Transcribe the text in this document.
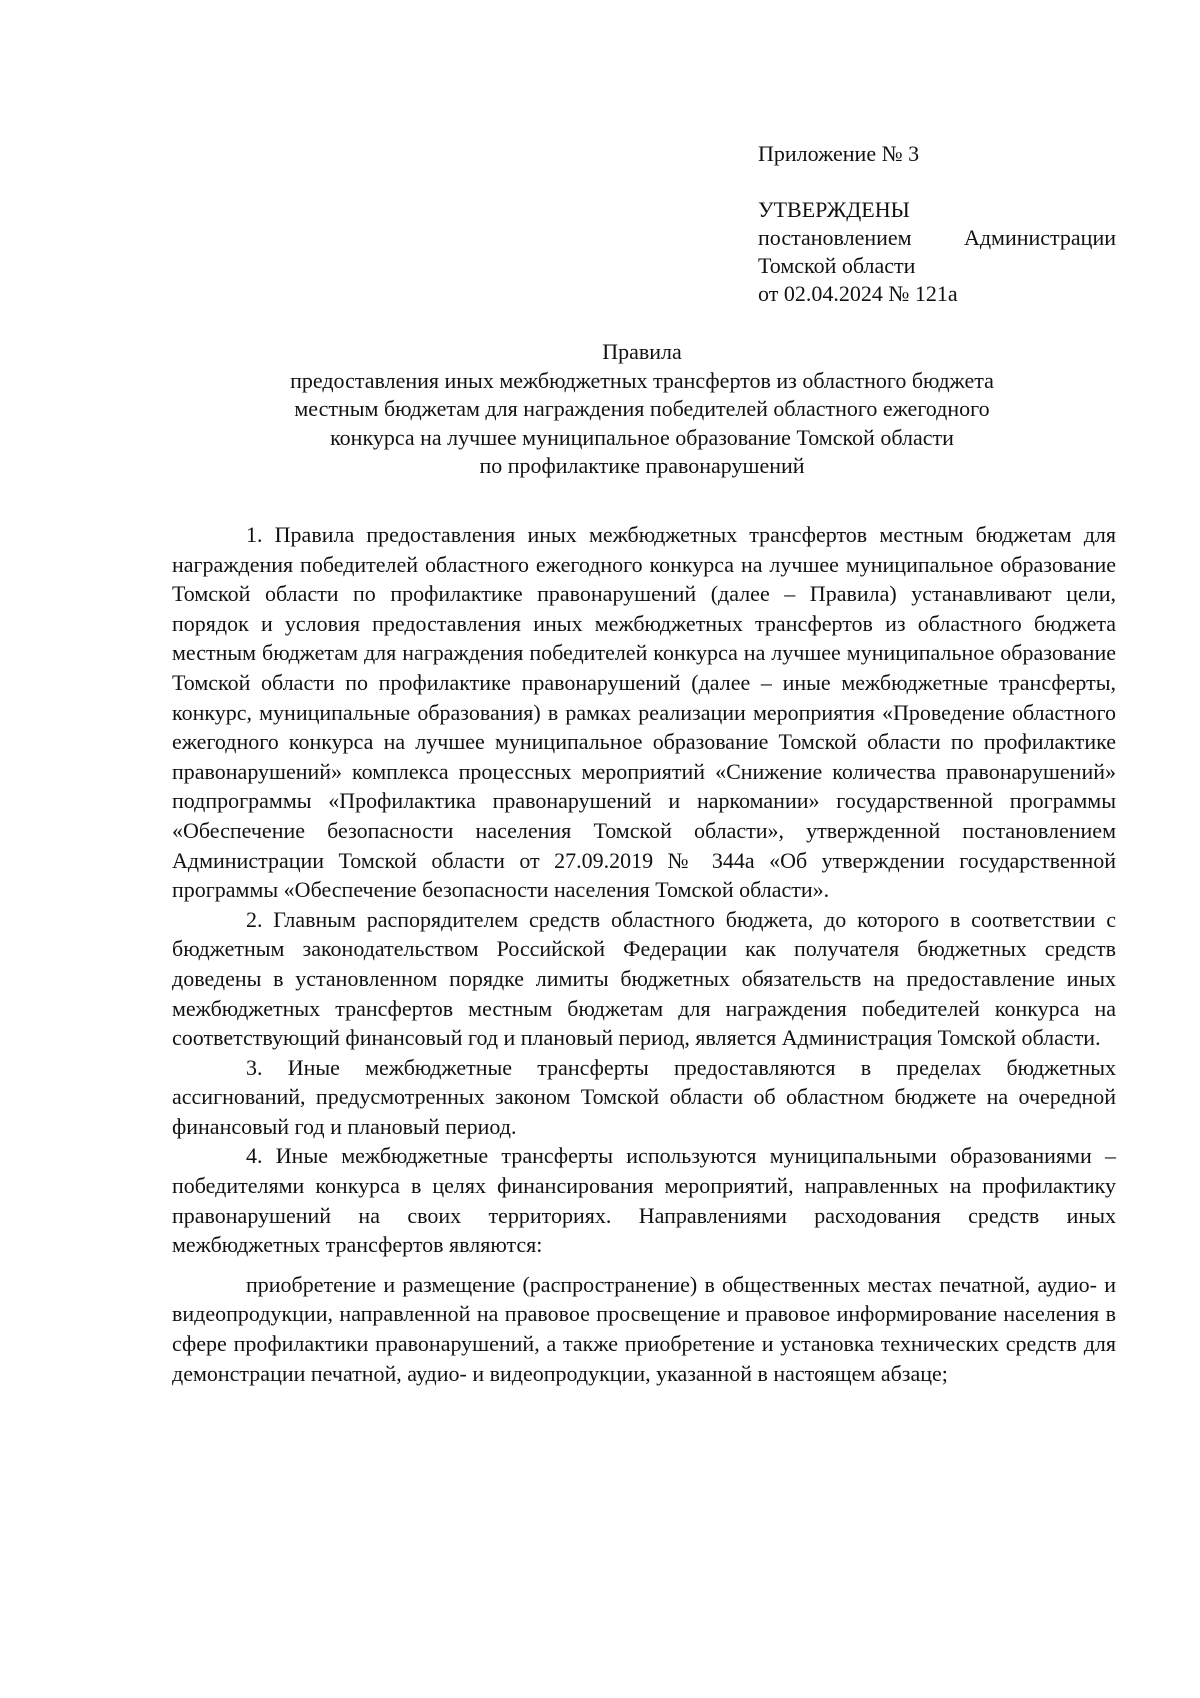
Приложение № 3
УТВЕРЖДЕНЫ
постановлением Администрации
Томской области
от 02.04.2024 № 121а
Правила
предоставления иных межбюджетных трансфертов из областного бюджета
местным бюджетам для награждения победителей областного ежегодного
конкурса на лучшее муниципальное образование Томской области
по профилактике правонарушений

1. Правила предоставления иных межбюджетных трансфертов местным бюджетам для награждения победителей областного ежегодного конкурса на лучшее муниципальное образование Томской области по профилактике правонарушений (далее – Правила) устанавливают цели, порядок и условия предоставления иных межбюджетных трансфертов из областного бюджета местным бюджетам для награждения победителей конкурса на лучшее муниципальное образование Томской области по профилактике правонарушений (далее – иные межбюджетные трансферты, конкурс, муниципальные образования) в рамках реализации мероприятия «Проведение областного ежегодного конкурса на лучшее муниципальное образование Томской области по профилактике правонарушений» комплекса процессных мероприятий «Снижение количества правонарушений» подпрограммы «Профилактика правонарушений и наркомании» государственной программы «Обеспечение безопасности населения Томской области», утвержденной постановлением Администрации Томской области от 27.09.2019 № 344а «Об утверждении государственной программы «Обеспечение безопасности населения Томской области».

2. Главным распорядителем средств областного бюджета, до которого в соответствии с бюджетным законодательством Российской Федерации как получателя бюджетных средств доведены в установленном порядке лимиты бюджетных обязательств на предоставление иных межбюджетных трансфертов местным бюджетам для награждения победителей конкурса на соответствующий финансовый год и плановый период, является Администрация Томской области.

3. Иные межбюджетные трансферты предоставляются в пределах бюджетных ассигнований, предусмотренных законом Томской области об областном бюджете на очередной финансовый год и плановый период.

4. Иные межбюджетные трансферты используются муниципальными образованиями – победителями конкурса в целях финансирования мероприятий, направленных на профилактику правонарушений на своих территориях. Направлениями расходования средств иных межбюджетных трансфертов являются:

приобретение и размещение (распространение) в общественных местах печатной, аудио- и видеопродукции, направленной на правовое просвещение и правовое информирование населения в сфере профилактики правонарушений, а также приобретение и установка технических средств для демонстрации печатной, аудио- и видеопродукции, указанной в настоящем абзаце;
